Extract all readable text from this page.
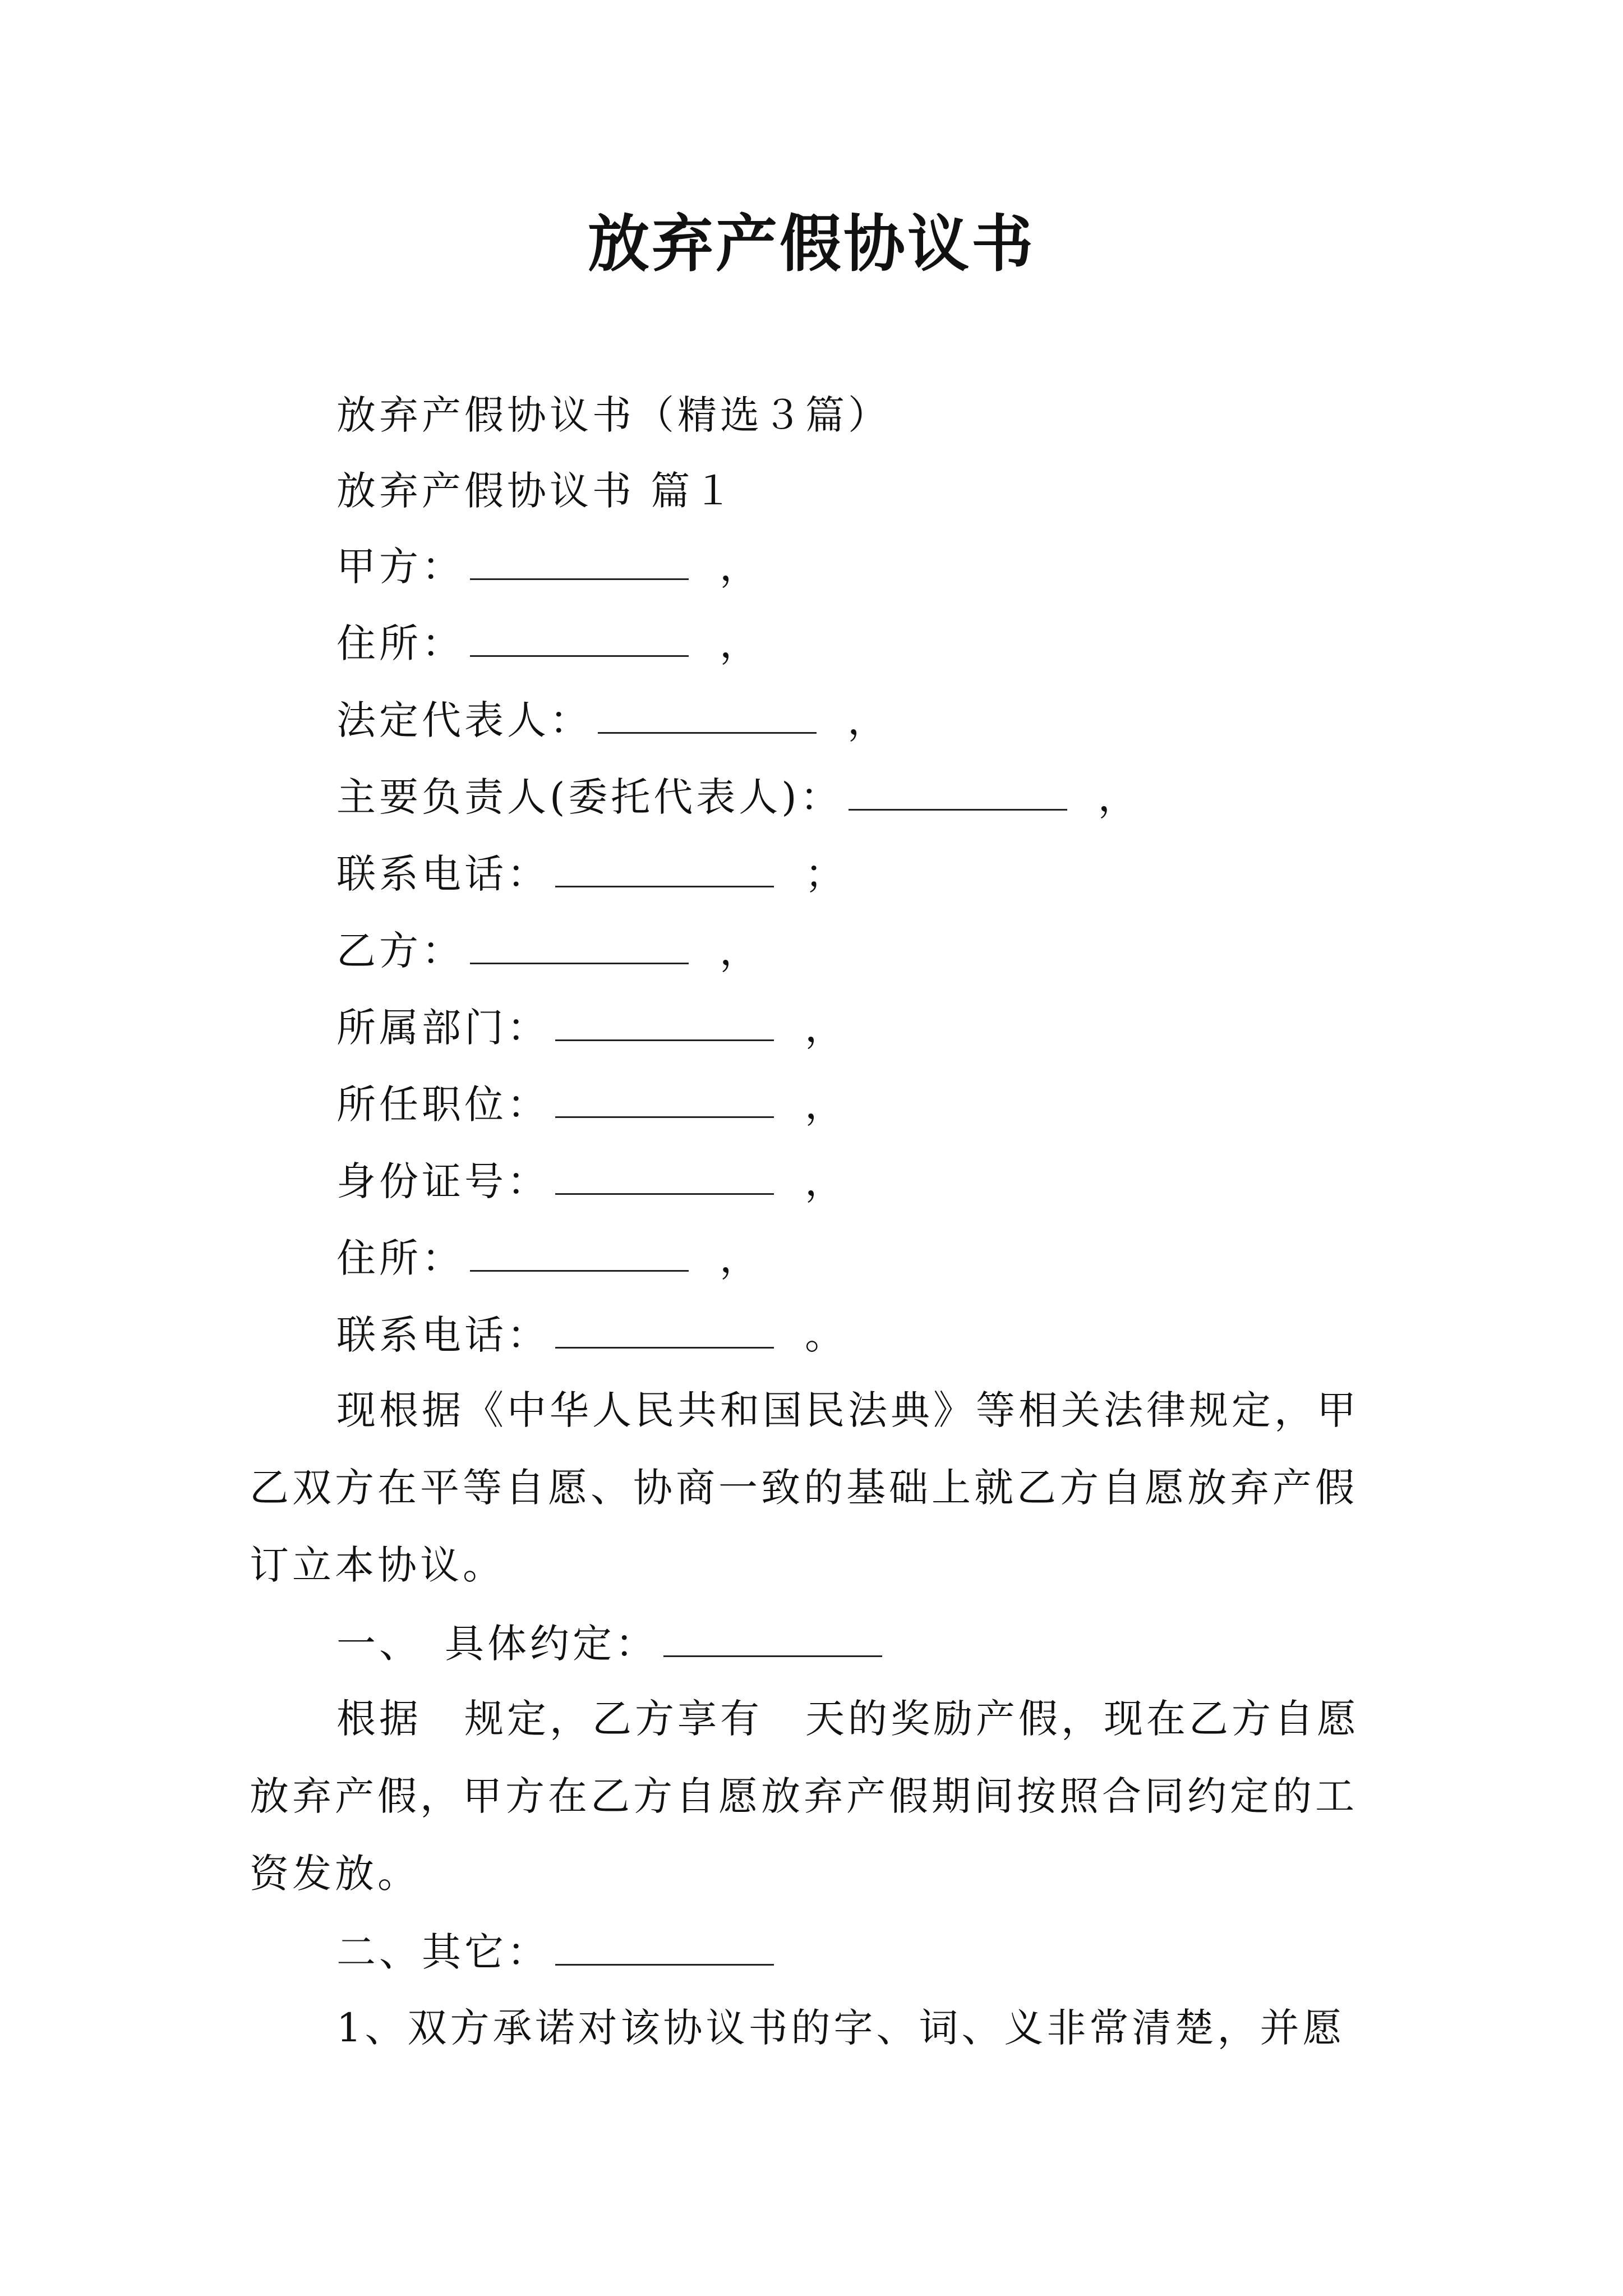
放弃产假协议书
放弃产假协议书（精选３篇）
放弃产假协议书 篇１
甲方：	，
住所：	，
法定代表人：	，
主要负责人(委托代表人)：	，
联系电话：	；
乙方：	，
所属部门：	，
所任职位：	，
身份证号：	，
住所：	，
联系电话：	。
现根据《中华人民共和国民法典》等相关法律规定，甲乙双方在平等自愿、协商一致的基础上就乙方自愿放弃产假订立本协议。
一、　具体约定：
根据　规定，乙方享有　天的奖励产假，现在乙方自愿放弃产假，甲方在乙方自愿放弃产假期间按照合同约定的工资发放。
二、其它：
1、双方承诺对该协议书的字、词、义非常清楚，并愿
